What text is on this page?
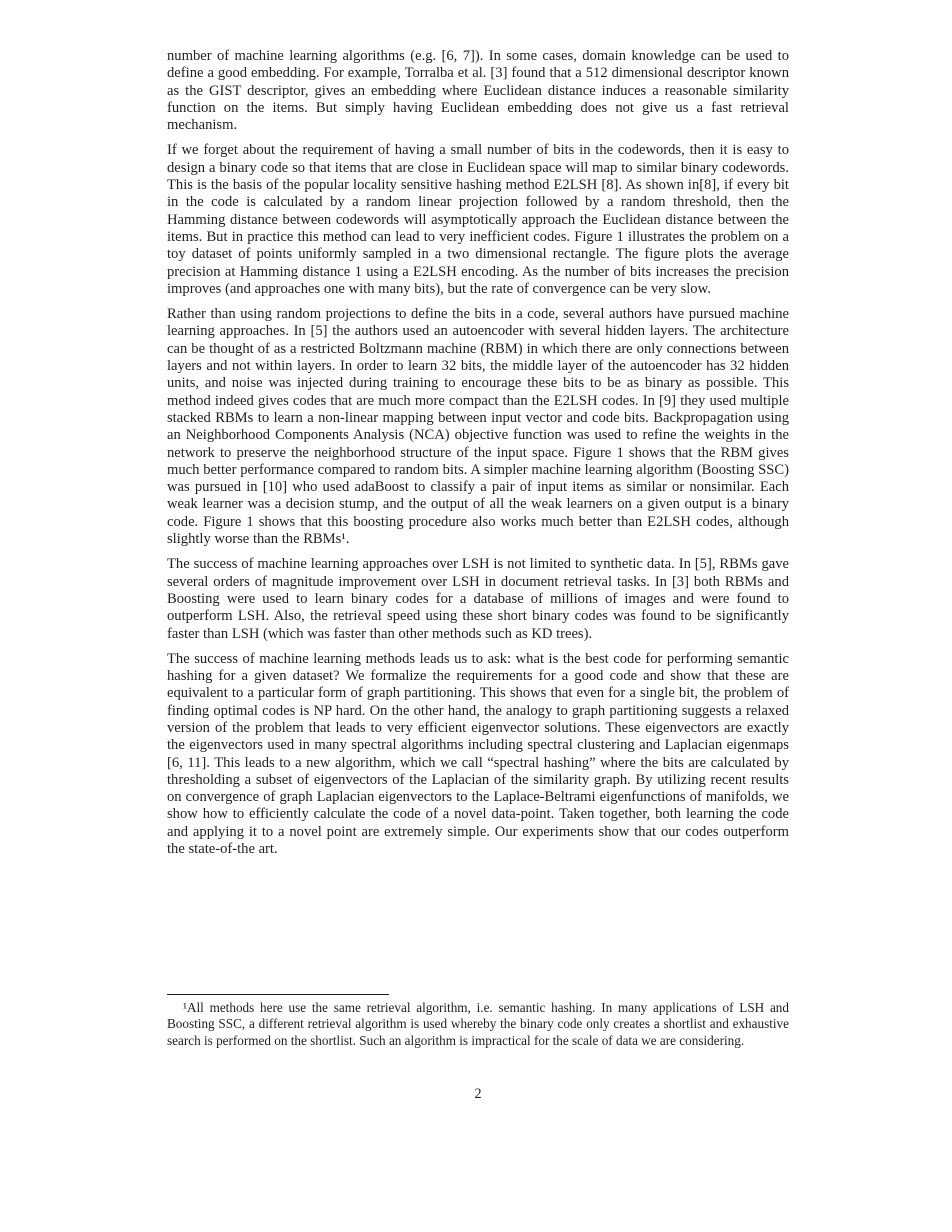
number of machine learning algorithms (e.g. [6, 7]). In some cases, domain knowledge can be used to define a good embedding. For example, Torralba et al. [3] found that a 512 dimensional descriptor known as the GIST descriptor, gives an embedding where Euclidean distance induces a reasonable similarity function on the items. But simply having Euclidean embedding does not give us a fast retrieval mechanism.

If we forget about the requirement of having a small number of bits in the codewords, then it is easy to design a binary code so that items that are close in Euclidean space will map to similar binary codewords. This is the basis of the popular locality sensitive hashing method E2LSH [8]. As shown in[8], if every bit in the code is calculated by a random linear projection followed by a random threshold, then the Hamming distance between codewords will asymptotically approach the Euclidean distance between the items. But in practice this method can lead to very inefficient codes. Figure 1 illustrates the problem on a toy dataset of points uniformly sampled in a two dimensional rectangle. The figure plots the average precision at Hamming distance 1 using a E2LSH encoding. As the number of bits increases the precision improves (and approaches one with many bits), but the rate of convergence can be very slow.

Rather than using random projections to define the bits in a code, several authors have pursued machine learning approaches. In [5] the authors used an autoencoder with several hidden layers. The architecture can be thought of as a restricted Boltzmann machine (RBM) in which there are only connections between layers and not within layers. In order to learn 32 bits, the middle layer of the autoencoder has 32 hidden units, and noise was injected during training to encourage these bits to be as binary as possible. This method indeed gives codes that are much more compact than the E2LSH codes. In [9] they used multiple stacked RBMs to learn a non-linear mapping between input vector and code bits. Backpropagation using an Neighborhood Components Analysis (NCA) objective function was used to refine the weights in the network to preserve the neighborhood structure of the input space. Figure 1 shows that the RBM gives much better performance compared to random bits. A simpler machine learning algorithm (Boosting SSC) was pursued in [10] who used adaBoost to classify a pair of input items as similar or nonsimilar. Each weak learner was a decision stump, and the output of all the weak learners on a given output is a binary code. Figure 1 shows that this boosting procedure also works much better than E2LSH codes, although slightly worse than the RBMs¹.

The success of machine learning approaches over LSH is not limited to synthetic data. In [5], RBMs gave several orders of magnitude improvement over LSH in document retrieval tasks. In [3] both RBMs and Boosting were used to learn binary codes for a database of millions of images and were found to outperform LSH. Also, the retrieval speed using these short binary codes was found to be significantly faster than LSH (which was faster than other methods such as KD trees).

The success of machine learning methods leads us to ask: what is the best code for performing semantic hashing for a given dataset? We formalize the requirements for a good code and show that these are equivalent to a particular form of graph partitioning. This shows that even for a single bit, the problem of finding optimal codes is NP hard. On the other hand, the analogy to graph partitioning suggests a relaxed version of the problem that leads to very efficient eigenvector solutions. These eigenvectors are exactly the eigenvectors used in many spectral algorithms including spectral clustering and Laplacian eigenmaps [6, 11]. This leads to a new algorithm, which we call “spectral hashing” where the bits are calculated by thresholding a subset of eigenvectors of the Laplacian of the similarity graph. By utilizing recent results on convergence of graph Laplacian eigenvectors to the Laplace-Beltrami eigenfunctions of manifolds, we show how to efficiently calculate the code of a novel data-point. Taken together, both learning the code and applying it to a novel point are extremely simple. Our experiments show that our codes outperform the state-of-the art.

¹All methods here use the same retrieval algorithm, i.e. semantic hashing. In many applications of LSH and Boosting SSC, a different retrieval algorithm is used whereby the binary code only creates a shortlist and exhaustive search is performed on the shortlist. Such an algorithm is impractical for the scale of data we are considering.

2
